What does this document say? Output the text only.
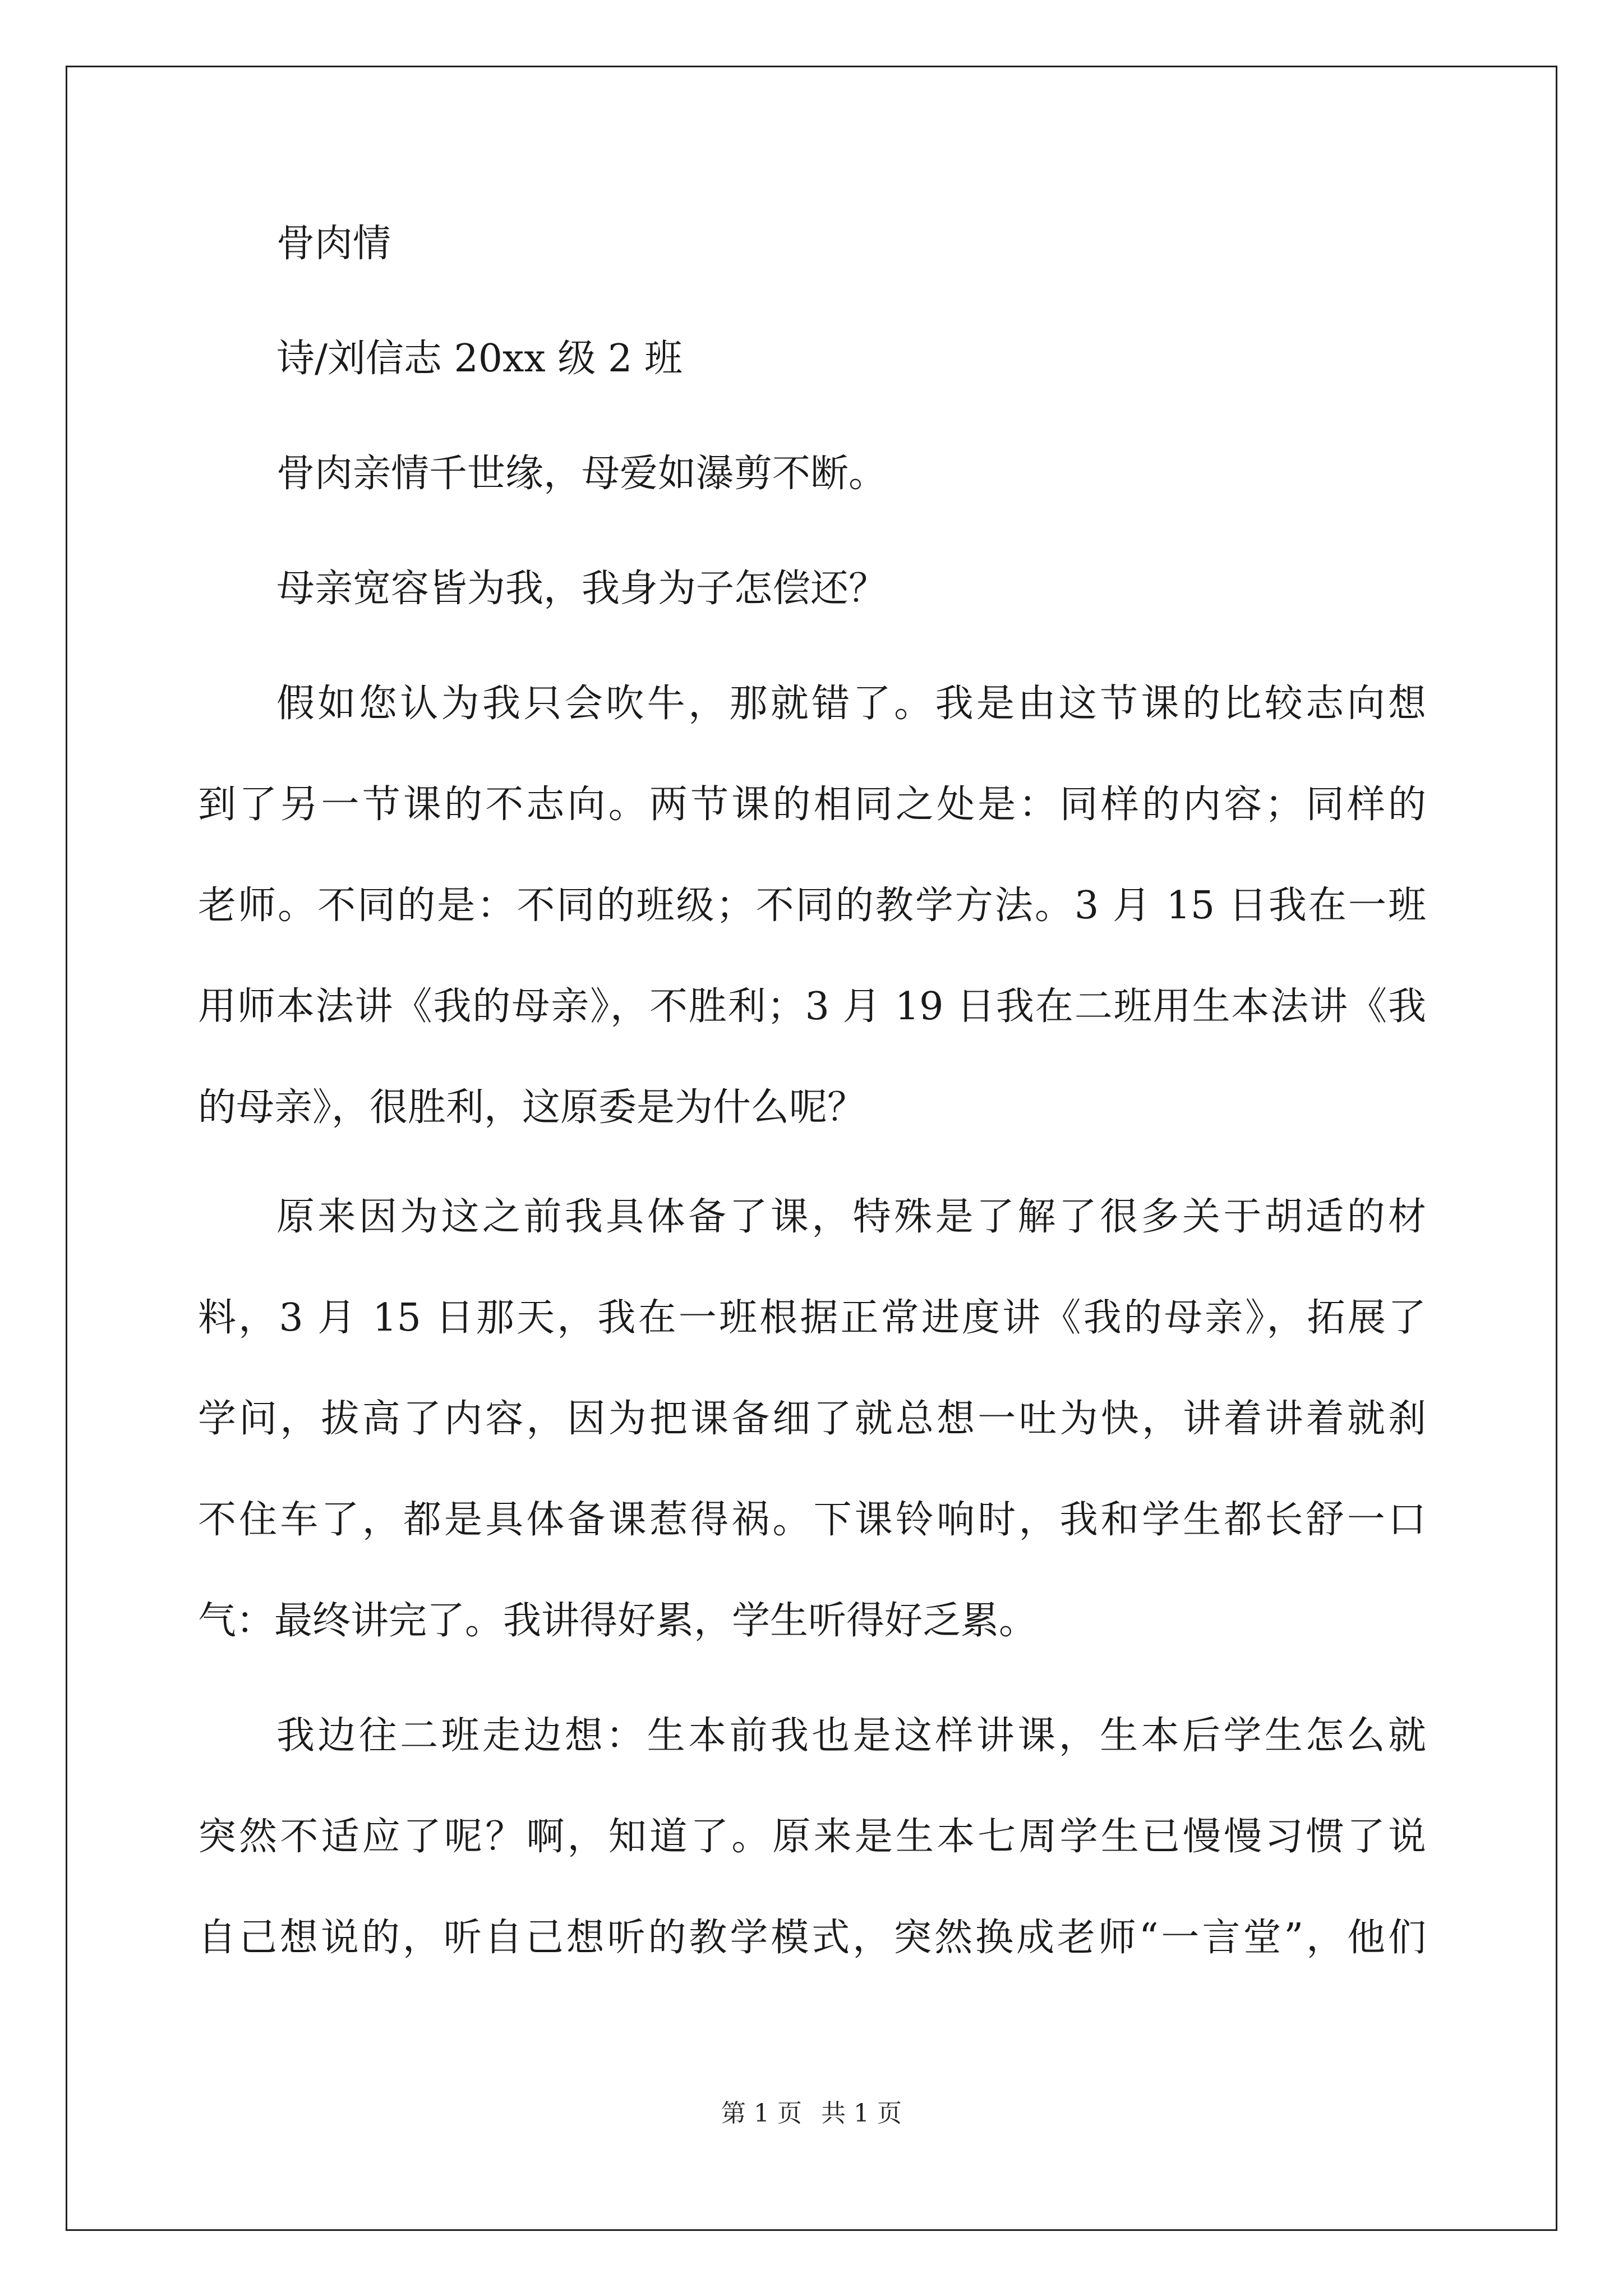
骨肉情
诗/刘信志 20xx 级 2 班
骨肉亲情千世缘，母爱如瀑剪不断。
母亲宽容皆为我，我身为子怎偿还？
假如您认为我只会吹牛，那就错了。我是由这节课的比较志向想
到了另一节课的不志向。两节课的相同之处是：同样的内容；同样的
老师。不同的是：不同的班级；不同的教学方法。3 月 15 日我在一班
用师本法讲《我的母亲》，不胜利；3 月 19 日我在二班用生本法讲《我
的母亲》，很胜利，这原委是为什么呢？
原来因为这之前我具体备了课，特殊是了解了很多关于胡适的材
料，3 月 15 日那天，我在一班根据正常进度讲《我的母亲》，拓展了
学问，拔高了内容，因为把课备细了就总想一吐为快，讲着讲着就刹
不住车了，都是具体备课惹得祸。下课铃响时，我和学生都长舒一口
气：最终讲完了。我讲得好累，学生听得好乏累。
我边往二班走边想：生本前我也是这样讲课，生本后学生怎么就
突然不适应了呢？啊，知道了。原来是生本七周学生已慢慢习惯了说
自己想说的，听自己想听的教学模式，突然换成老师“一言堂”，他们
第 1 页 共 1 页
